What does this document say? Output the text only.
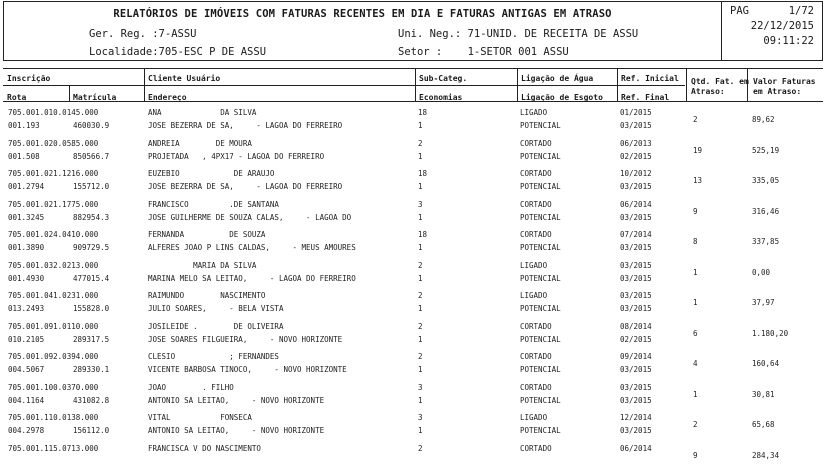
RELATÓRIOS DE IMÓVEIS COM FATURAS RECENTES EM DIA E FATURAS ANTIGAS EM ATRASO
Ger. Reg. :7-ASSU
Localidade:705-ESC P DE ASSU
Uni. Neg.: 71-UNID. DE RECEITA DE ASSU
Setor : 1-SETOR 001 ASSU
PAG	1/72
22/12/2015
09:11:22
Inscrição
Rota	Matrícula
Cliente Usuário
Endereço
Sub-Categ.
Economias
Ligação de Água
Ligação de Esgoto
Ref. Inicial
Ref. Final
Qtd. Fat. em
Atraso:
Valor Faturas
em Atraso:
705.001.010.0145.000	ANA             DA SILVA	18	LIGADO	01/2015
001.193	460030.9	JOSE BEZERRA DE SA,     - LAGOA DO FERREIRO	1	POTENCIAL	03/2015
2	89,62
705.001.020.0585.000	ANDREIA        DE MOURA	2	CORTADO	06/2013
001.508	850566.7	PROJETADA   , 4PX17 - LAGOA DO FERREIRO	1	POTENCIAL	02/2015
19	525,19
705.001.021.1216.000	EUZEBIO            DE ARAUJO	18	CORTADO	10/2012
001.2794	155712.0	JOSE BEZERRA DE SA,     - LAGOA DO FERREIRO	1	POTENCIAL	03/2015
13	335,05
705.001.021.1775.000	FRANCISCO         .DE SANTANA	3	CORTADO	06/2014
001.3245	882954.3	JOSE GUILHERME DE SOUZA CALAS,     - LAGOA DO	1	POTENCIAL	03/2015
9	316,46
705.001.024.0410.000	FERNANDA          DE SOUZA	18	CORTADO	07/2014
001.3890	909729.5	ALFERES JOAO P LINS CALDAS,     - MEUS AMOURES	1	POTENCIAL	03/2015
8	337,85
705.001.032.0213.000	MARIA DA SILVA	2	LIGADO	03/2015
001.4930	477015.4	MARINA MELO SA LEITAO,     - LAGOA DO FERREIRO	1	POTENCIAL	03/2015
1	0,00
705.001.041.0231.000	RAIMUNDO        NASCIMENTO	2	LIGADO	03/2015
013.2493	155828.0	JULIO SOARES,     - BELA VISTA	1	POTENCIAL	03/2015
1	37,97
705.001.091.0110.000	JOSILEIDE .        DE OLIVEIRA	2	CORTADO	08/2014
010.2105	289317.5	JOSE SOARES FILGUEIRA,     - NOVO HORIZONTE	1	POTENCIAL	02/2015
6	1.180,20
705.001.092.0394.000	CLESIO            ; FERNANDES	2	CORTADO	09/2014
004.5067	289330.1	VICENTE BARBOSA TINOCO,     - NOVO HORIZONTE	1	POTENCIAL	03/2015
4	160,64
705.001.100.0370.000	JOAO        . FILHO	3	CORTADO	03/2015
004.1164	431082.8	ANTONIO SA LEITAO,     - NOVO HORIZONTE	1	POTENCIAL	03/2015
1	30,81
705.001.110.0138.000	VITAL           FONSECA	3	LIGADO	12/2014
004.2978	156112.0	ANTONIO SA LEITAO,     - NOVO HORIZONTE	1	POTENCIAL	03/2015
2	65,68
705.001.115.0713.000	FRANCISCA V DO NASCIMENTO	2	CORTADO	06/2014
9	284,34
